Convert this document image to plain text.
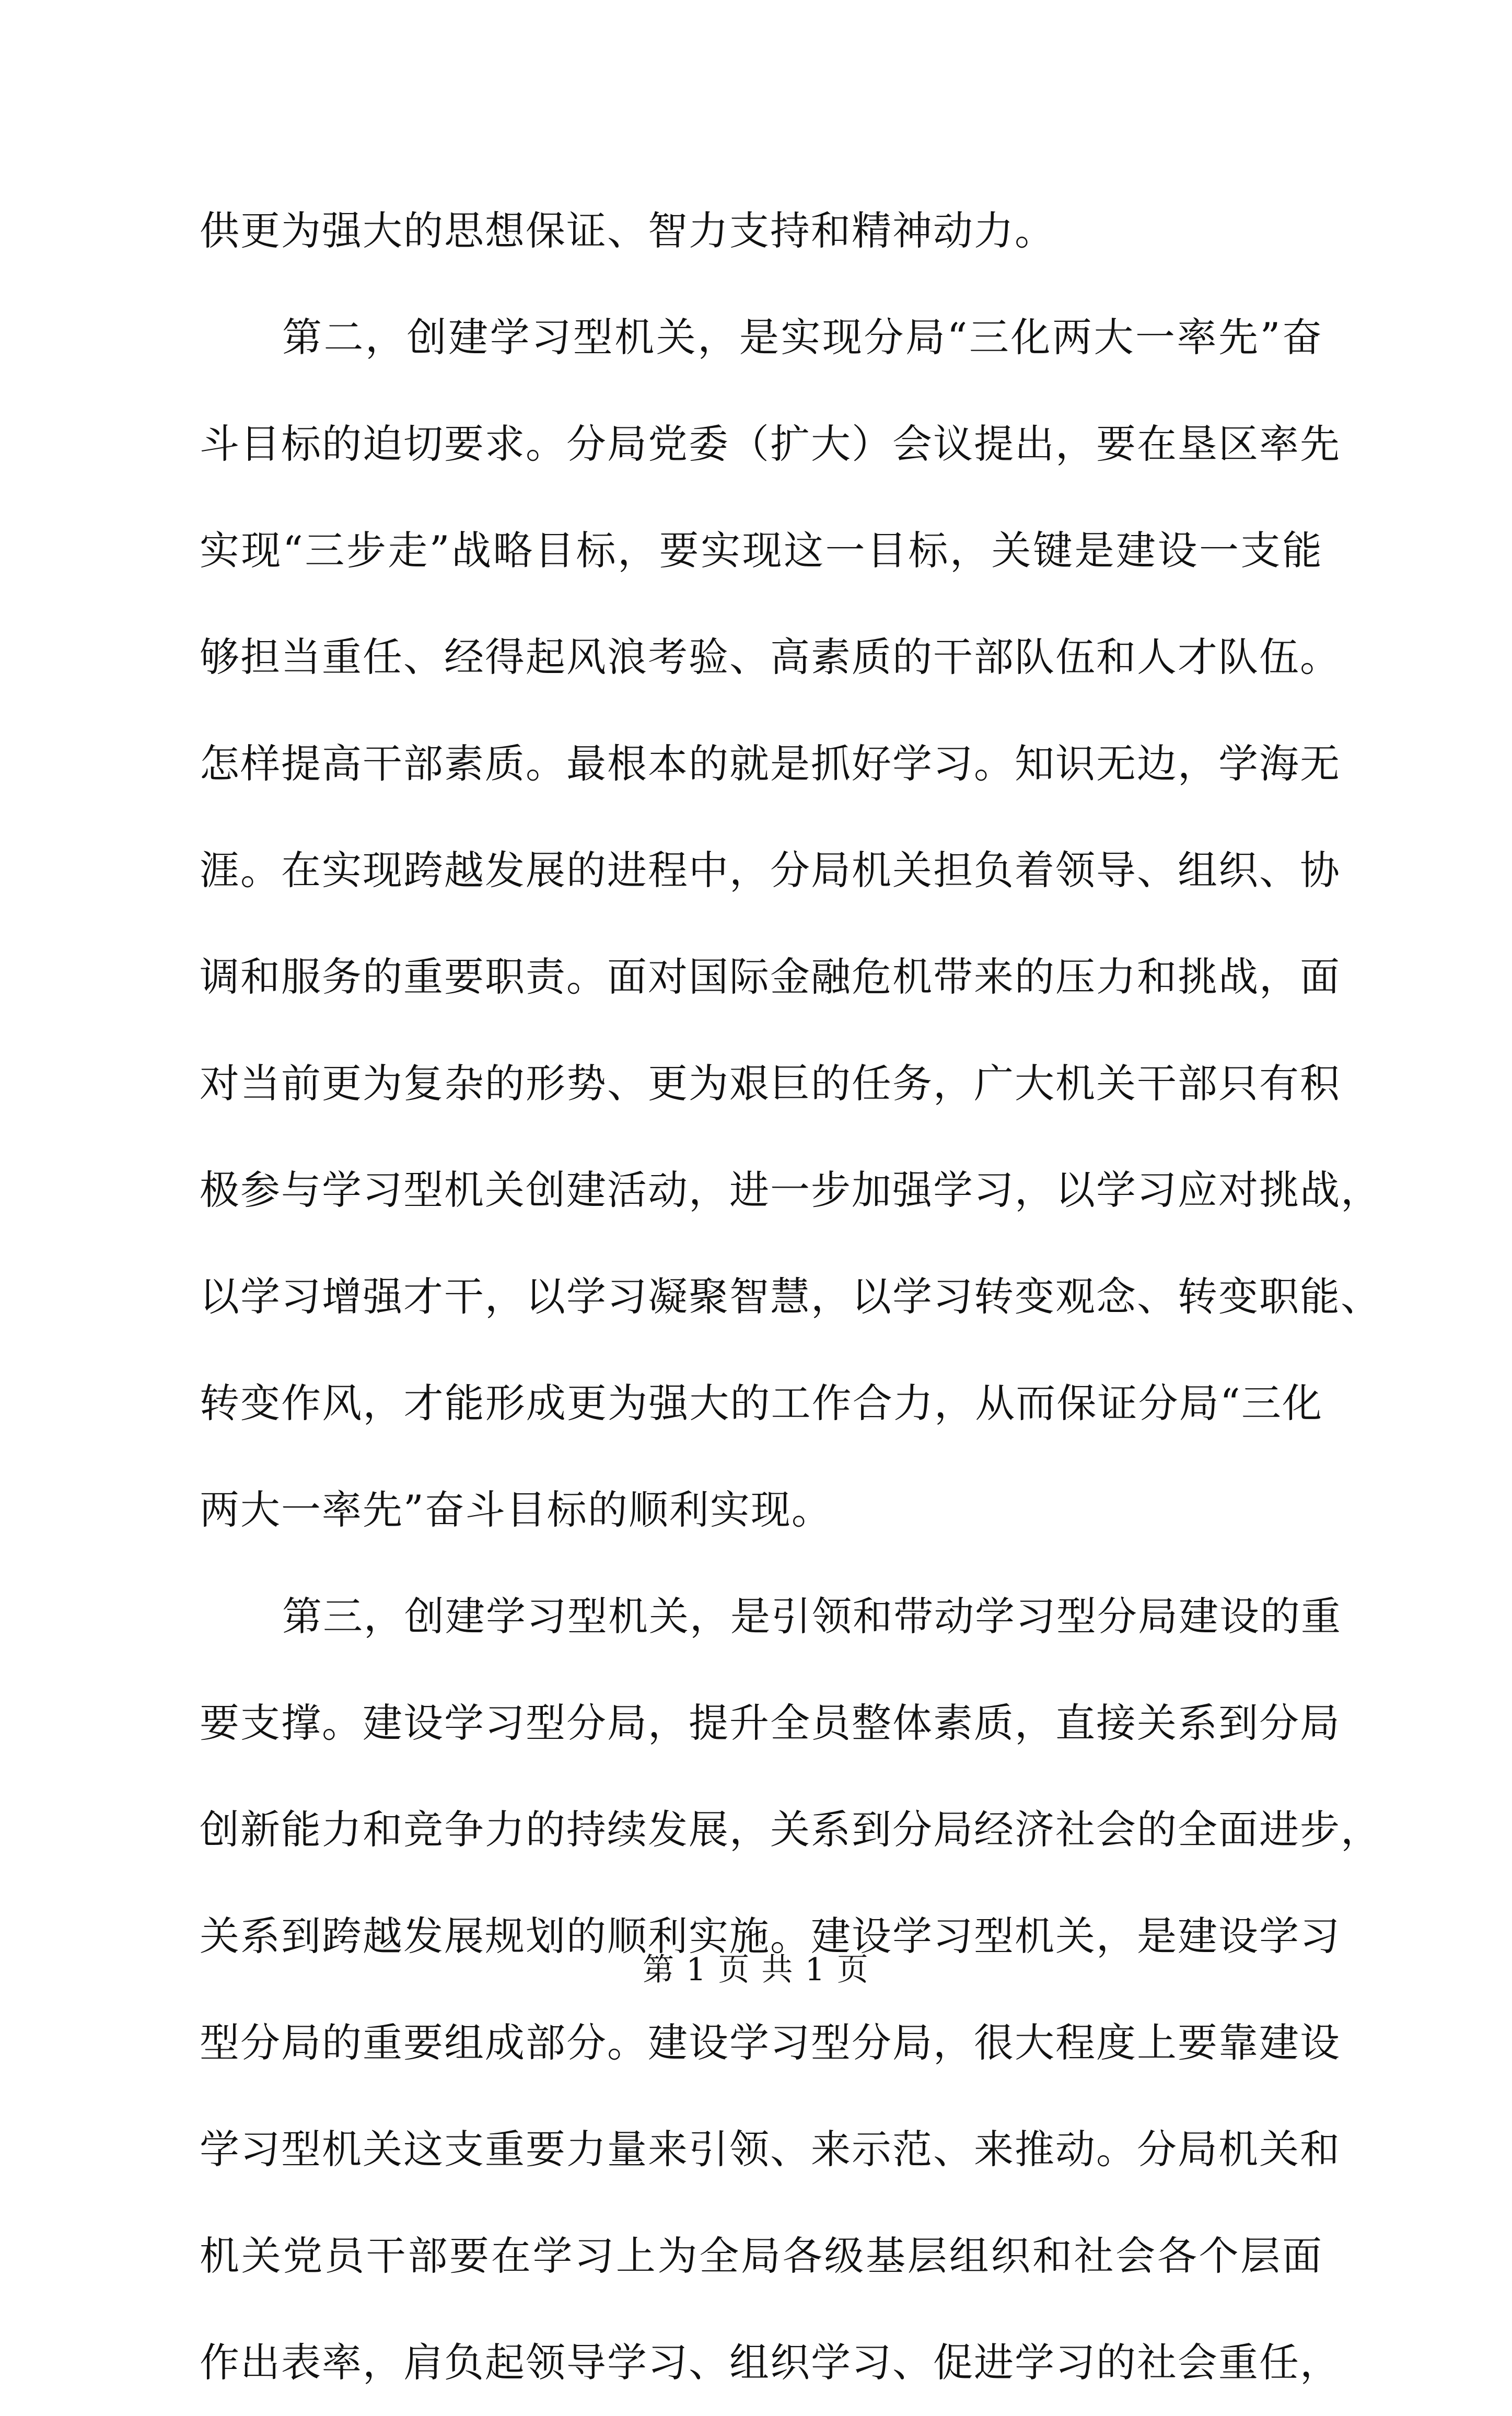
供更为强大的思想保证、智力支持和精神动力。
第二，创建学习型机关，是实现分局“三化两大一率先”奋
斗目标的迫切要求。分局党委（扩大）会议提出，要在垦区率先
实现“三步走”战略目标，要实现这一目标，关键是建设一支能
够担当重任、经得起风浪考验、高素质的干部队伍和人才队伍。
怎样提高干部素质。最根本的就是抓好学习。知识无边，学海无
涯。在实现跨越发展的进程中，分局机关担负着领导、组织、协
调和服务的重要职责。面对国际金融危机带来的压力和挑战，面
对当前更为复杂的形势、更为艰巨的任务，广大机关干部只有积
极参与学习型机关创建活动，进一步加强学习，以学习应对挑战，
以学习增强才干，以学习凝聚智慧，以学习转变观念、转变职能、
转变作风，才能形成更为强大的工作合力，从而保证分局“三化
两大一率先”奋斗目标的顺利实现。
第三，创建学习型机关，是引领和带动学习型分局建设的重
要支撑。建设学习型分局，提升全员整体素质，直接关系到分局
创新能力和竞争力的持续发展，关系到分局经济社会的全面进步，
关系到跨越发展规划的顺利实施。建设学习型机关，是建设学习
型分局的重要组成部分。建设学习型分局，很大程度上要靠建设
学习型机关这支重要力量来引领、来示范、来推动。分局机关和
机关党员干部要在学习上为全局各级基层组织和社会各个层面
作出表率，肩负起领导学习、组织学习、促进学习的社会重任，
第 1 页 共 1 页
